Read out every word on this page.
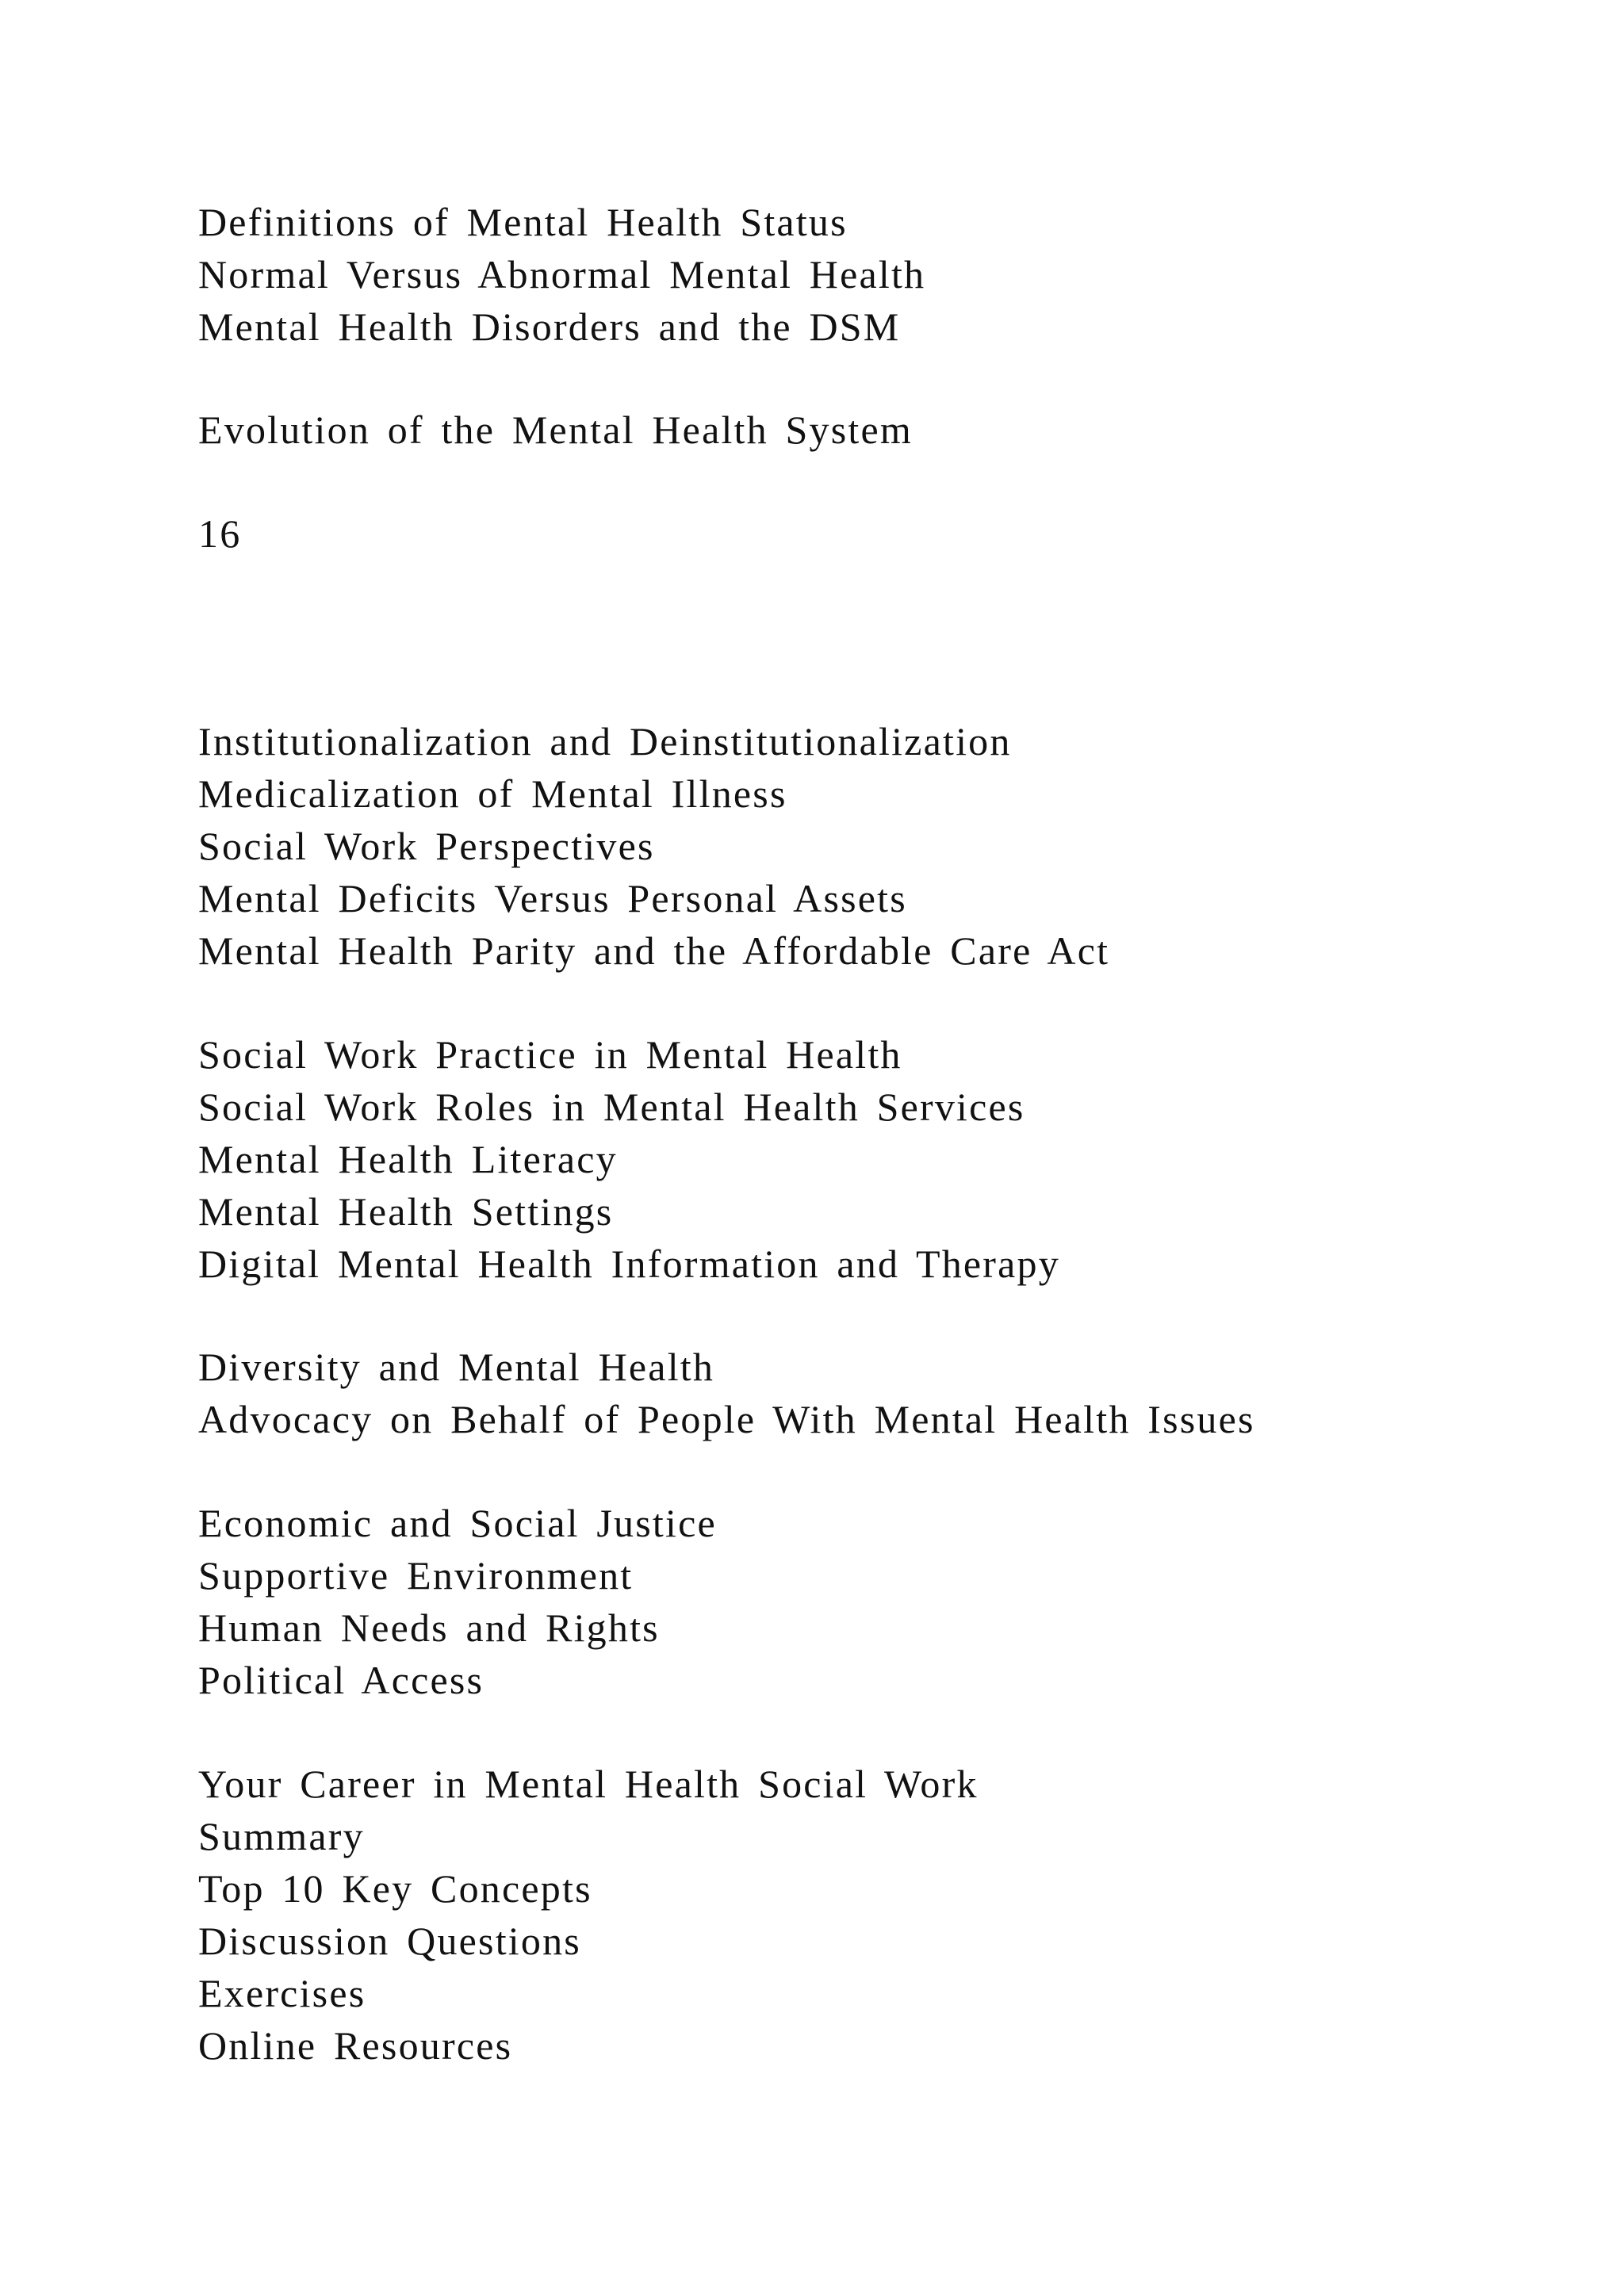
Definitions of Mental Health Status
Normal Versus Abnormal Mental Health
Mental Health Disorders and the DSM
Evolution of the Mental Health System
16
Institutionalization and Deinstitutionalization
Medicalization of Mental Illness
Social Work Perspectives
Mental Deficits Versus Personal Assets
Mental Health Parity and the Affordable Care Act
Social Work Practice in Mental Health
Social Work Roles in Mental Health Services
Mental Health Literacy
Mental Health Settings
Digital Mental Health Information and Therapy
Diversity and Mental Health
Advocacy on Behalf of People With Mental Health Issues
Economic and Social Justice
Supportive Environment
Human Needs and Rights
Political Access
Your Career in Mental Health Social Work
Summary
Top 10 Key Concepts
Discussion Questions
Exercises
Online Resources
